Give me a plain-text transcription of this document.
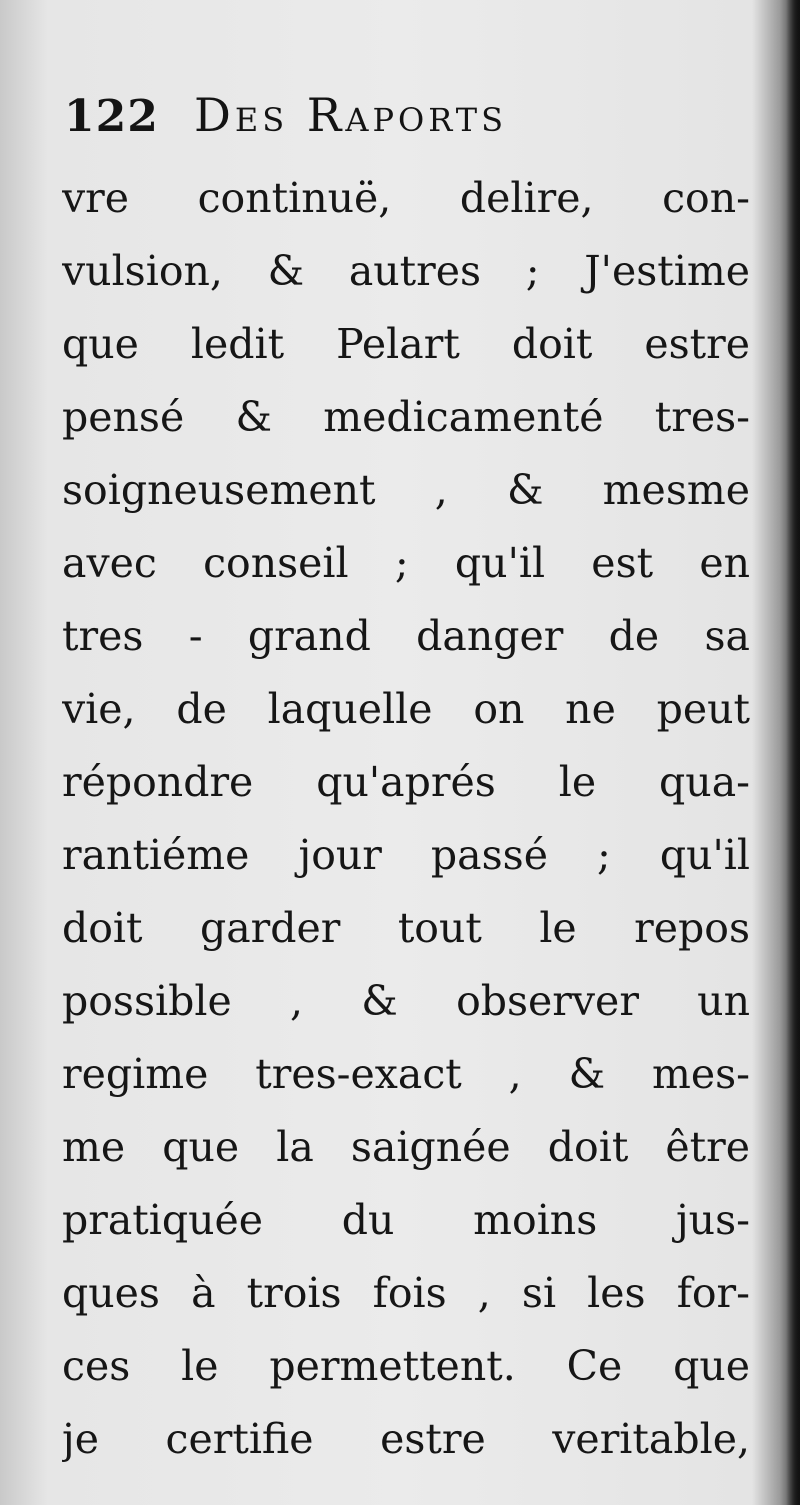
122 Des Raports
vre continuë, delire, con-
vulsion, & autres ; J'estime
que ledit Pelart doit estre
pensé & medicamenté tres-
soigneusement , & mesme
avec conseil ; qu'il est en
tres - grand danger de sa
vie, de laquelle on ne peut
répondre qu'aprés le qua-
rantiéme jour passé ; qu'il
doit garder tout le repos
possible , & observer un
regime tres-exact , & mes-
me que la saignée doit être
pratiquée du moins jus-
ques à trois fois , si les for-
ces le permettent. Ce que
je certifie estre veritable,
